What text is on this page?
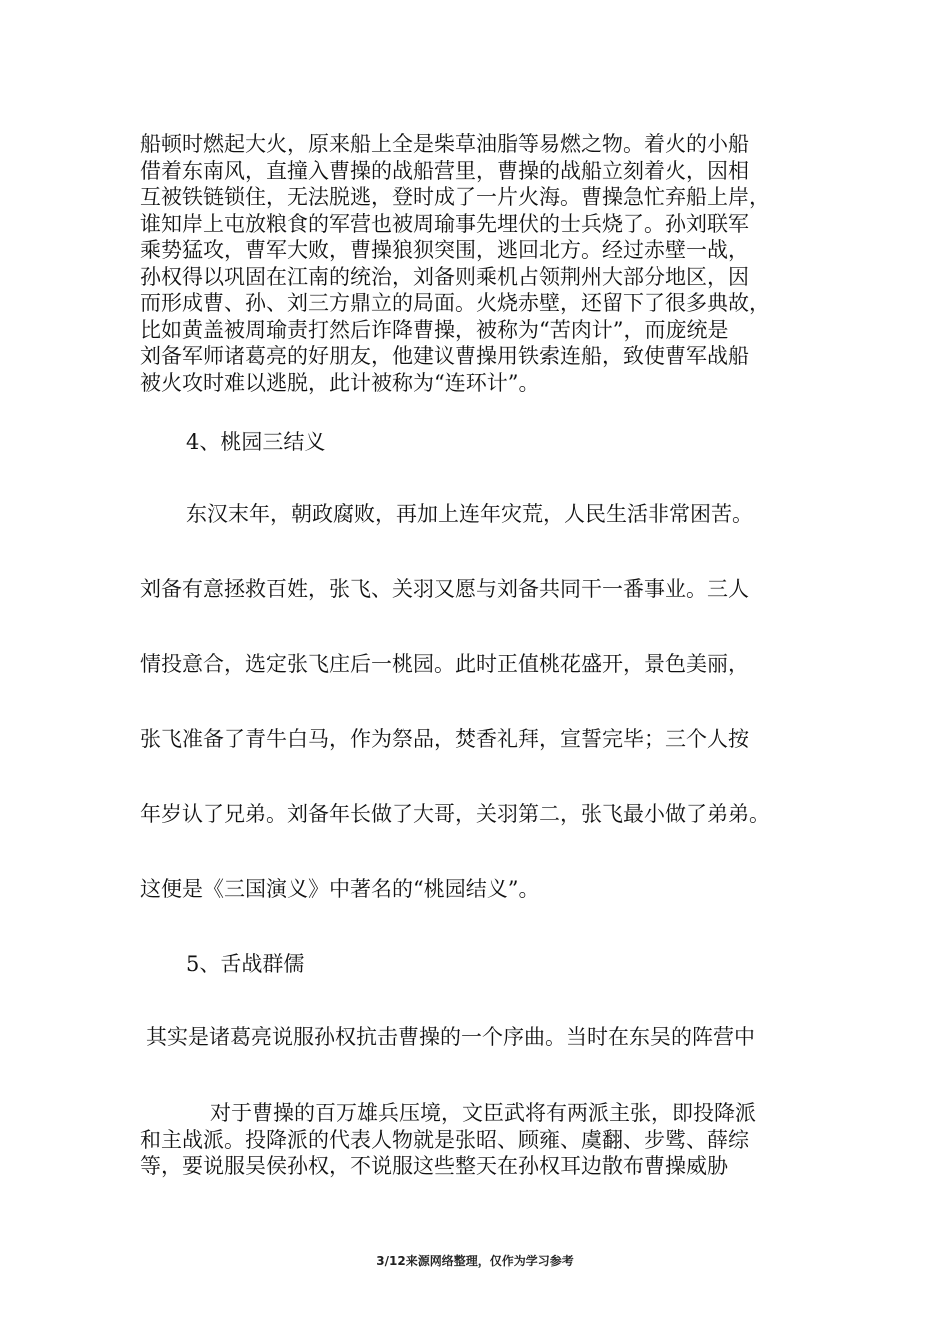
船顿时燃起大火，原来船上全是柴草油脂等易燃之物。着火的小船
借着东南风，直撞入曹操的战船营里，曹操的战船立刻着火，因相
互被铁链锁住，无法脱逃，登时成了一片火海。曹操急忙弃船上岸，
谁知岸上屯放粮食的军营也被周瑜事先埋伏的士兵烧了。孙刘联军
乘势猛攻，曹军大败，曹操狼狈突围，逃回北方。经过赤壁一战，
孙权得以巩固在江南的统治，刘备则乘机占领荆州大部分地区，因
而形成曹、孙、刘三方鼎立的局面。火烧赤壁，还留下了很多典故，
比如黄盖被周瑜责打然后诈降曹操，被称为“苦肉计”，而庞统是
刘备军师诸葛亮的好朋友，他建议曹操用铁索连船，致使曹军战船
被火攻时难以逃脱，此计被称为“连环计”。
4、桃园三结义
东汉末年，朝政腐败，再加上连年灾荒，人民生活非常困苦。
刘备有意拯救百姓，张飞、关羽又愿与刘备共同干一番事业。三人
情投意合，选定张飞庄后一桃园。此时正值桃花盛开，景色美丽，
张飞准备了青牛白马，作为祭品，焚香礼拜，宣誓完毕；三个人按
年岁认了兄弟。刘备年长做了大哥，关羽第二，张飞最小做了弟弟。
这便是《三国演义》中著名的“桃园结义”。
5、舌战群儒
其实是诸葛亮说服孙权抗击曹操的一个序曲。当时在东吴的阵营中
对于曹操的百万雄兵压境，文臣武将有两派主张，即投降派
和主战派。投降派的代表人物就是张昭、顾雍、虞翻、步骘、薛综
等，要说服吴侯孙权，不说服这些整天在孙权耳边散布曹操威胁
3/12来源网络整理，仅作为学习参考
